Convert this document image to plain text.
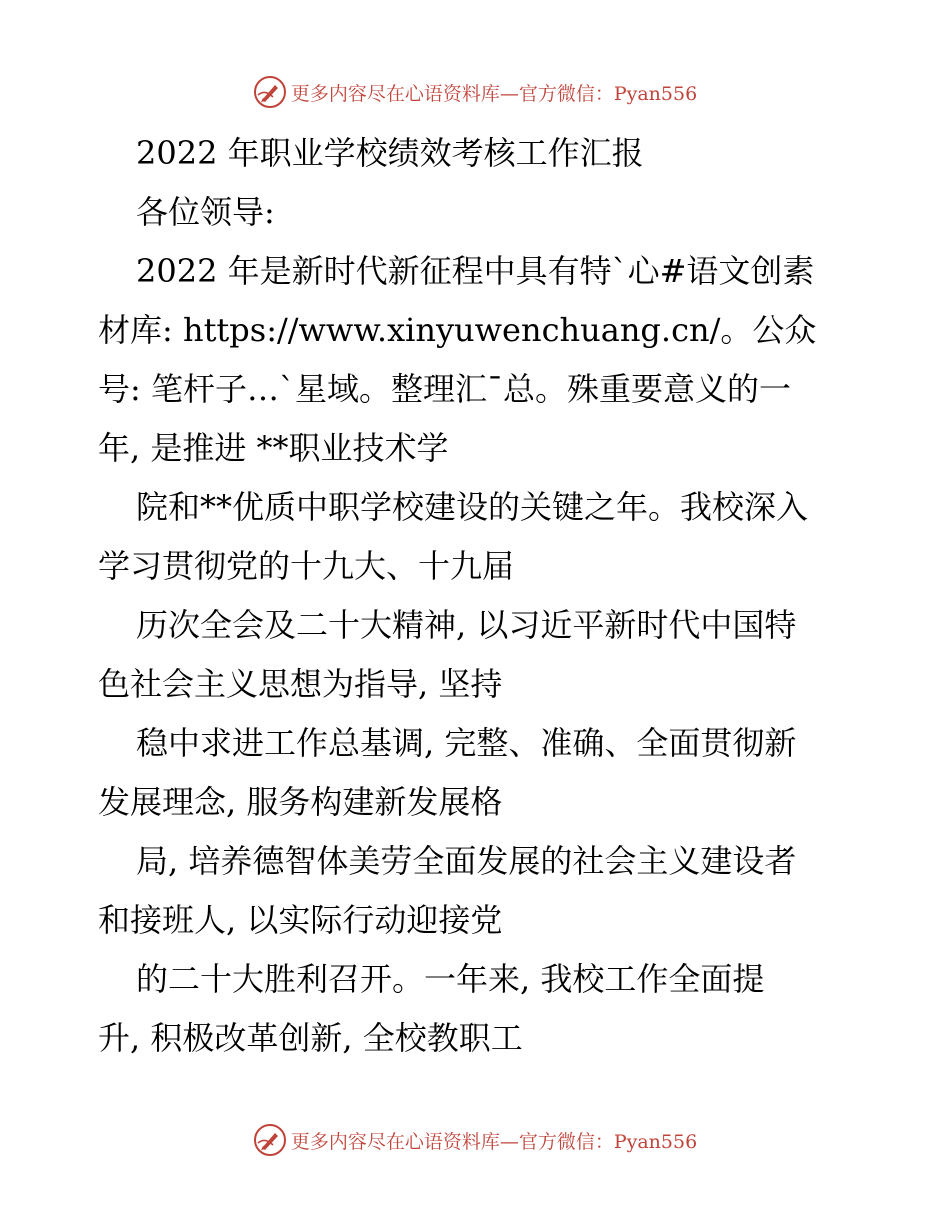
更多内容尽在心语资料库—官方微信：Pyan556
2022 年职业学校绩效考核工作汇报
各位领导:
2022 年是新时代新征程中具有特`心#语文创素
材库: https://www.xinyuwenchuang.cn/。公众
号: 笔杆子…`星域。整理汇¯总。殊重要意义的一
年, 是推进 **职业技术学
院和**优质中职学校建设的关键之年。我校深入
学习贯彻党的十九大、十九届
历次全会及二十大精神, 以习近平新时代中国特
色社会主义思想为指导, 坚持
稳中求进工作总基调, 完整、准确、全面贯彻新
发展理念, 服务构建新发展格
局, 培养德智体美劳全面发展的社会主义建设者
和接班人, 以实际行动迎接党
的二十大胜利召开。一年来, 我校工作全面提
升, 积极改革创新, 全校教职工
更多内容尽在心语资料库—官方微信：Pyan556
